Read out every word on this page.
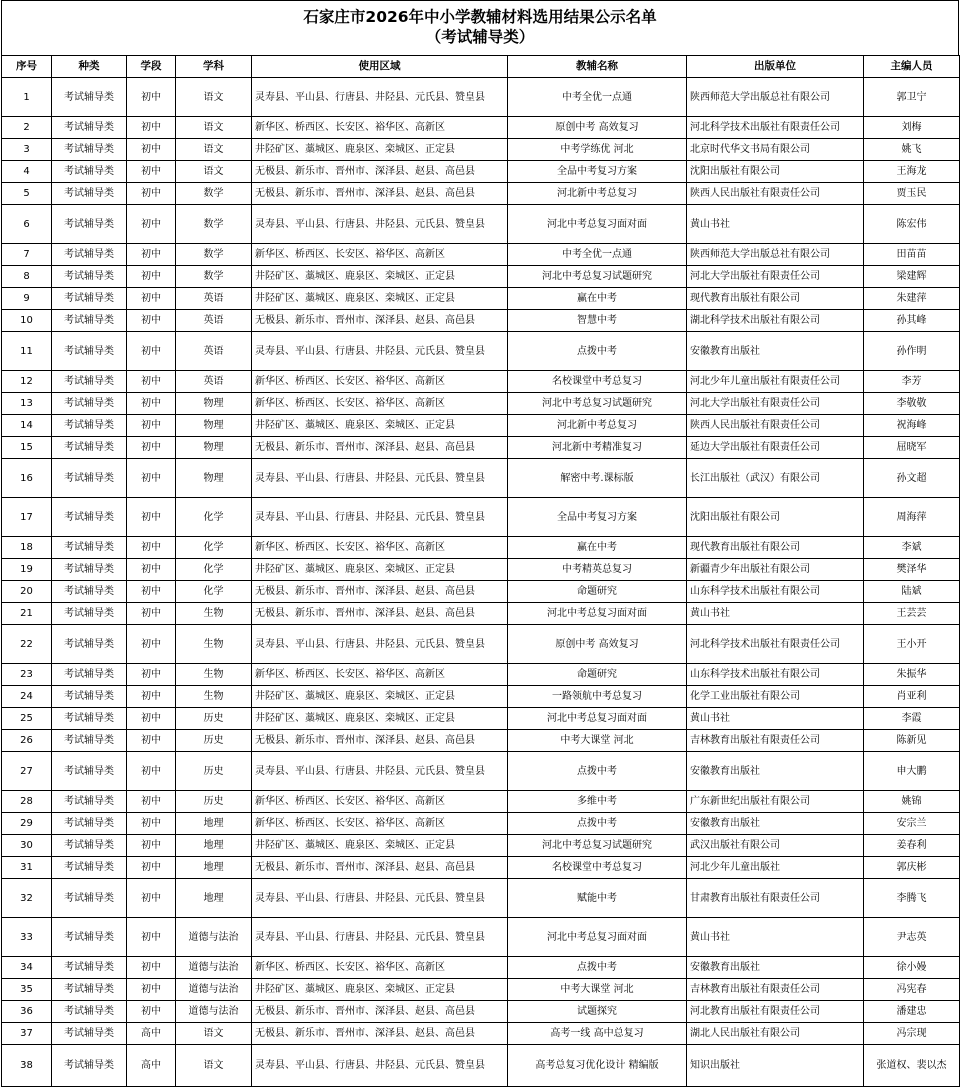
石家庄市2026年中小学教辅材料选用结果公示名单
（考试辅导类）
序号	种类	学段	学科	使用区域	教辅名称	出版单位	主编人员
1	考试辅导类	初中	语文	灵寿县、平山县、行唐县、井陉县、元氏县、赞皇县	中考全优一点通	陕西师范大学出版总社有限公司	郭卫宁
2	考试辅导类	初中	语文	新华区、桥西区、长安区、裕华区、高新区	原创中考 高效复习	河北科学技术出版社有限责任公司	刘梅
3	考试辅导类	初中	语文	井陉矿区、藁城区、鹿泉区、栾城区、正定县	中考学练优 河北	北京时代华文书局有限公司	姚飞
4	考试辅导类	初中	语文	无极县、新乐市、晋州市、深泽县、赵县、高邑县	全品中考复习方案	沈阳出版社有限公司	王海龙
5	考试辅导类	初中	数学	无极县、新乐市、晋州市、深泽县、赵县、高邑县	河北新中考总复习	陕西人民出版社有限责任公司	贾玉民
6	考试辅导类	初中	数学	灵寿县、平山县、行唐县、井陉县、元氏县、赞皇县	河北中考总复习面对面	黄山书社	陈宏伟
7	考试辅导类	初中	数学	新华区、桥西区、长安区、裕华区、高新区	中考全优一点通	陕西师范大学出版总社有限公司	田苗苗
8	考试辅导类	初中	数学	井陉矿区、藁城区、鹿泉区、栾城区、正定县	河北中考总复习试题研究	河北大学出版社有限责任公司	梁建辉
9	考试辅导类	初中	英语	井陉矿区、藁城区、鹿泉区、栾城区、正定县	赢在中考	现代教育出版社有限公司	朱建萍
10	考试辅导类	初中	英语	无极县、新乐市、晋州市、深泽县、赵县、高邑县	智慧中考	湖北科学技术出版社有限公司	孙其峰
11	考试辅导类	初中	英语	灵寿县、平山县、行唐县、井陉县、元氏县、赞皇县	点拨中考	安徽教育出版社	孙作明
12	考试辅导类	初中	英语	新华区、桥西区、长安区、裕华区、高新区	名校课堂中考总复习	河北少年儿童出版社有限责任公司	李芳
13	考试辅导类	初中	物理	新华区、桥西区、长安区、裕华区、高新区	河北中考总复习试题研究	河北大学出版社有限责任公司	李敬敬
14	考试辅导类	初中	物理	井陉矿区、藁城区、鹿泉区、栾城区、正定县	河北新中考总复习	陕西人民出版社有限责任公司	祝海峰
15	考试辅导类	初中	物理	无极县、新乐市、晋州市、深泽县、赵县、高邑县	河北新中考精准复习	延边大学出版社有限责任公司	屈晓军
16	考试辅导类	初中	物理	灵寿县、平山县、行唐县、井陉县、元氏县、赞皇县	解密中考.课标版	长江出版社（武汉）有限公司	孙文超
17	考试辅导类	初中	化学	灵寿县、平山县、行唐县、井陉县、元氏县、赞皇县	全品中考复习方案	沈阳出版社有限公司	周海萍
18	考试辅导类	初中	化学	新华区、桥西区、长安区、裕华区、高新区	赢在中考	现代教育出版社有限公司	李斌
19	考试辅导类	初中	化学	井陉矿区、藁城区、鹿泉区、栾城区、正定县	中考精英总复习	新疆青少年出版社有限公司	樊泽华
20	考试辅导类	初中	化学	无极县、新乐市、晋州市、深泽县、赵县、高邑县	命题研究	山东科学技术出版社有限公司	陆斌
21	考试辅导类	初中	生物	无极县、新乐市、晋州市、深泽县、赵县、高邑县	河北中考总复习面对面	黄山书社	王芸芸
22	考试辅导类	初中	生物	灵寿县、平山县、行唐县、井陉县、元氏县、赞皇县	原创中考 高效复习	河北科学技术出版社有限责任公司	王小开
23	考试辅导类	初中	生物	新华区、桥西区、长安区、裕华区、高新区	命题研究	山东科学技术出版社有限公司	朱振华
24	考试辅导类	初中	生物	井陉矿区、藁城区、鹿泉区、栾城区、正定县	一路领航中考总复习	化学工业出版社有限公司	肖亚利
25	考试辅导类	初中	历史	井陉矿区、藁城区、鹿泉区、栾城区、正定县	河北中考总复习面对面	黄山书社	李霞
26	考试辅导类	初中	历史	无极县、新乐市、晋州市、深泽县、赵县、高邑县	中考大课堂 河北	吉林教育出版社有限责任公司	陈新见
27	考试辅导类	初中	历史	灵寿县、平山县、行唐县、井陉县、元氏县、赞皇县	点拨中考	安徽教育出版社	申大鹏
28	考试辅导类	初中	历史	新华区、桥西区、长安区、裕华区、高新区	多维中考	广东新世纪出版社有限公司	姚锦
29	考试辅导类	初中	地理	新华区、桥西区、长安区、裕华区、高新区	点拨中考	安徽教育出版社	安宗兰
30	考试辅导类	初中	地理	井陉矿区、藁城区、鹿泉区、栾城区、正定县	河北中考总复习试题研究	武汉出版社有限公司	姜春利
31	考试辅导类	初中	地理	无极县、新乐市、晋州市、深泽县、赵县、高邑县	名校课堂中考总复习	河北少年儿童出版社	郭庆彬
32	考试辅导类	初中	地理	灵寿县、平山县、行唐县、井陉县、元氏县、赞皇县	赋能中考	甘肃教育出版社有限责任公司	李腾飞
33	考试辅导类	初中	道德与法治	灵寿县、平山县、行唐县、井陉县、元氏县、赞皇县	河北中考总复习面对面	黄山书社	尹志英
34	考试辅导类	初中	道德与法治	新华区、桥西区、长安区、裕华区、高新区	点拨中考	安徽教育出版社	徐小嫚
35	考试辅导类	初中	道德与法治	井陉矿区、藁城区、鹿泉区、栾城区、正定县	中考大课堂 河北	吉林教育出版社有限责任公司	冯宪春
36	考试辅导类	初中	道德与法治	无极县、新乐市、晋州市、深泽县、赵县、高邑县	试题探究	河北教育出版社有限责任公司	潘建忠
37	考试辅导类	高中	语文	无极县、新乐市、晋州市、深泽县、赵县、高邑县	高考一线 高中总复习	湖北人民出版社有限公司	冯宗现
38	考试辅导类	高中	语文	灵寿县、平山县、行唐县、井陉县、元氏县、赞皇县	高考总复习优化设计 精编版	知识出版社	张道权、裴以杰
